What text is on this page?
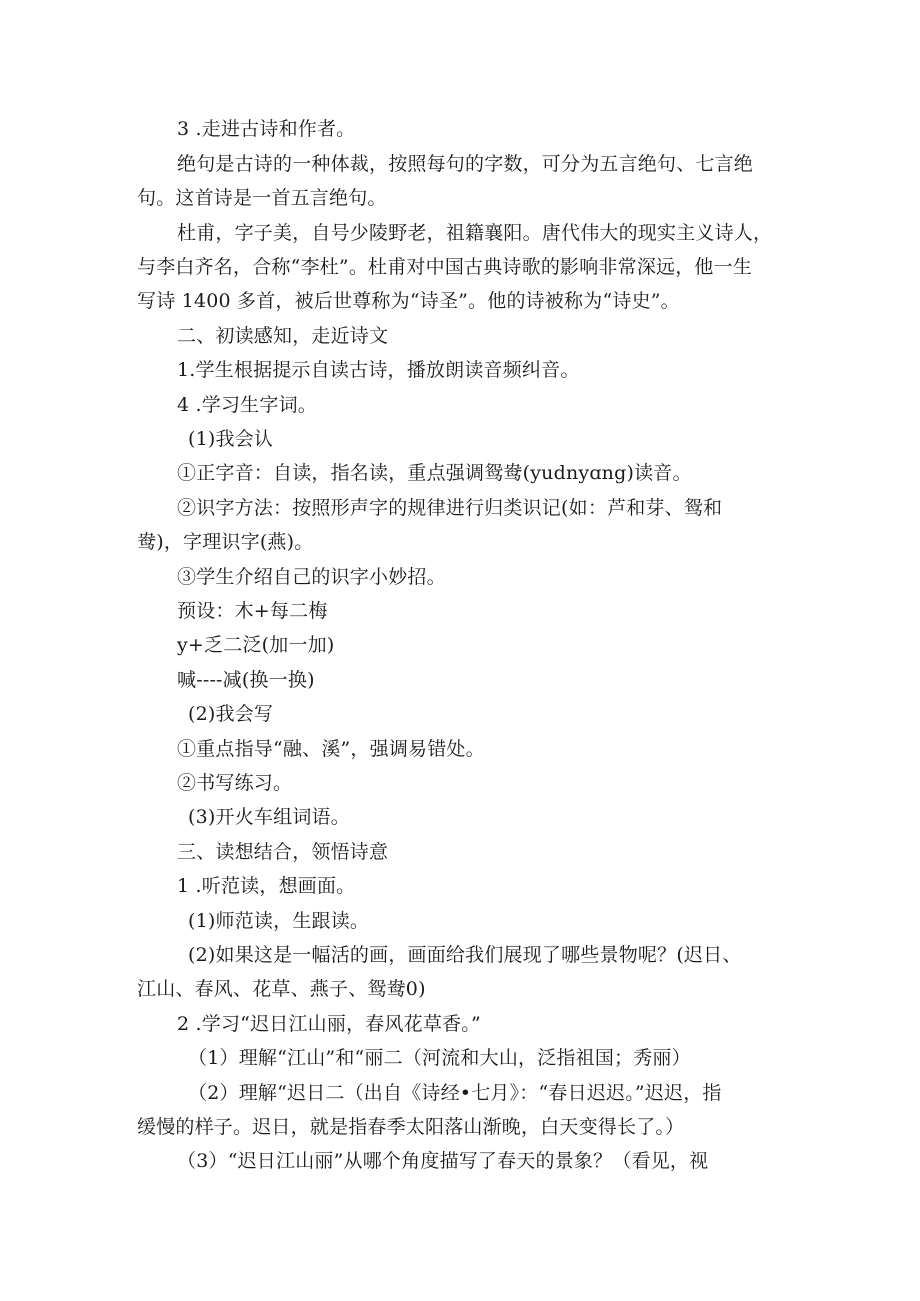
3 .走进古诗和作者。
绝句是古诗的一种体裁，按照每句的字数，可分为五言绝句、七言绝
句。这首诗是一首五言绝句。
杜甫，字子美，自号少陵野老，祖籍襄阳。唐代伟大的现实主义诗人，
与李白齐名，合称“李杜”。杜甫对中国古典诗歌的影响非常深远，他一生
写诗 1400 多首，被后世尊称为“诗圣”。他的诗被称为“诗史”。
二、初读感知，走近诗文
1.学生根据提示自读古诗，播放朗读音频纠音。
4 .学习生字词。
(1)我会认
①正字音：自读，指名读，重点强调鸳鸯(yudnyɑng)读音。
②识字方法：按照形声字的规律进行归类识记(如：芦和芽、鸳和
鸯)，字理识字(燕)。
③学生介绍自己的识字小妙招。
预设：木+每二梅
y+乏二泛(加一加)
喊----减(换一换)
(2)我会写
①重点指导“融、溪”，强调易错处。
②书写练习。
(3)开火车组词语。
三、读想结合，领悟诗意
1 .听范读，想画面。
(1)师范读，生跟读。
(2)如果这是一幅活的画，画面给我们展现了哪些景物呢？(迟日、
江山、春风、花草、燕子、鸳鸯0)
2 .学习“迟日江山丽，春风花草香。”
（1）理解“江山”和“丽二（河流和大山，泛指祖国；秀丽）
（2）理解“迟日二（出自《诗经•七月》：“春日迟迟。”迟迟，指
缓慢的样子。迟日，就是指春季太阳落山渐晚，白天变得长了。）
（3）“迟日江山丽”从哪个角度描写了春天的景象？（看见，视
